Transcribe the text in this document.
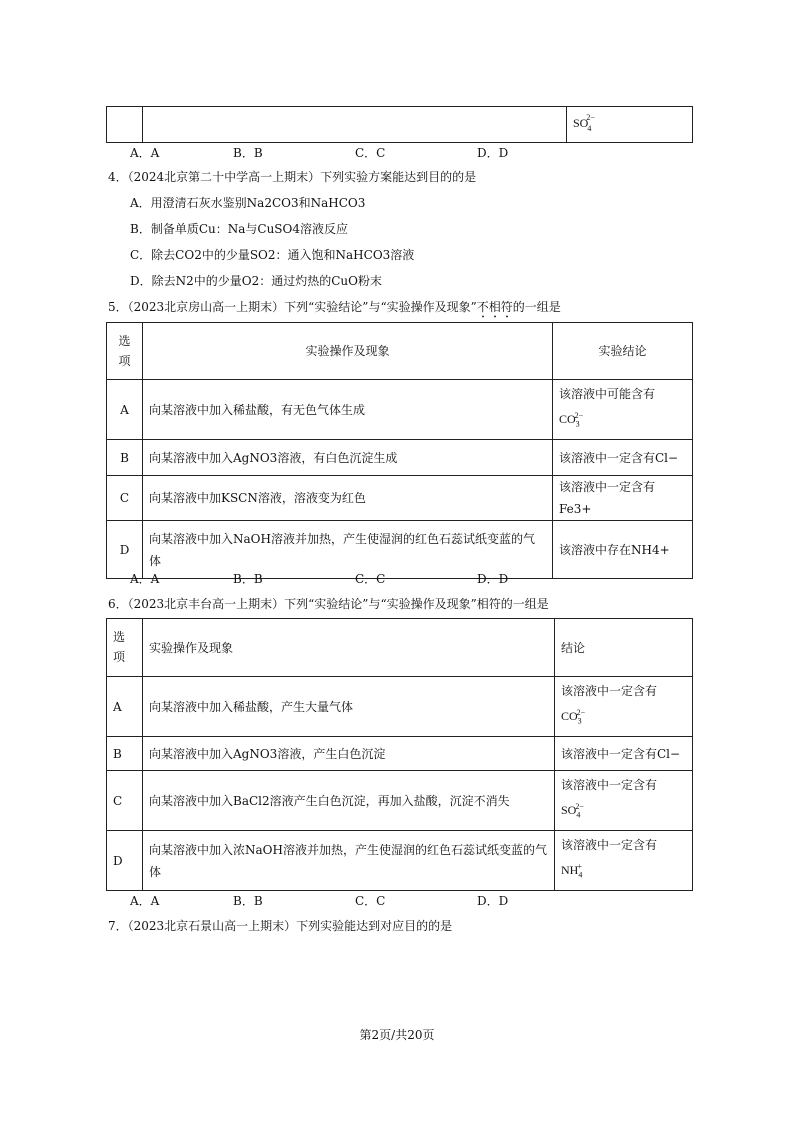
		$SO_4^{2-}$
A．A	B．B	C．C	D．D
4．（2024北京第二十中学高一上期末）下列实验方案能达到目的的是
A．用澄清石灰水鉴别Na2CO3和NaHCO3
B．制备单质Cu：Na与CuSO4溶液反应
C．除去CO2中的少量SO2：通入饱和NaHCO3溶液
D．除去N2中的少量O2：通过灼热的CuO粉末
5．（2023北京房山高一上期末）下列“实验结论”与“实验操作及现象”不相符的一组是
选项	实验操作及现象	实验结论
A	向某溶液中加入稀盐酸，有无色气体生成	该溶液中可能含有
$CO_3^{2-}$
B	向某溶液中加入AgNO3溶液，有白色沉淀生成	该溶液中一定含有Cl−
C	向某溶液中加KSCN溶液，溶液变为红色	该溶液中一定含有Fe3+
D	向某溶液中加入NaOH溶液并加热，产生使湿润的红色石蕊试纸变蓝的气体	该溶液中存在NH4+
A．A	B．B	C．C	D．D
6．（2023北京丰台高一上期末）下列“实验结论”与“实验操作及现象”相符的一组是
选项	实验操作及现象	结论
A	向某溶液中加入稀盐酸，产生大量气体	该溶液中一定含有
$CO_3^{2-}$
B	向某溶液中加入AgNO3溶液，产生白色沉淀	该溶液中一定含有Cl−
C	向某溶液中加入BaCl2溶液产生白色沉淀，再加入盐酸，沉淀不消失	该溶液中一定含有
$SO_4^{2-}$
D	向某溶液中加入浓NaOH溶液并加热，产生使湿润的红色石蕊试纸变蓝的气体	该溶液中一定含有
$NH_4^+$
A．A	B．B	C．C	D．D
7．（2023北京石景山高一上期末）下列实验能达到对应目的的是
第2页/共20页
